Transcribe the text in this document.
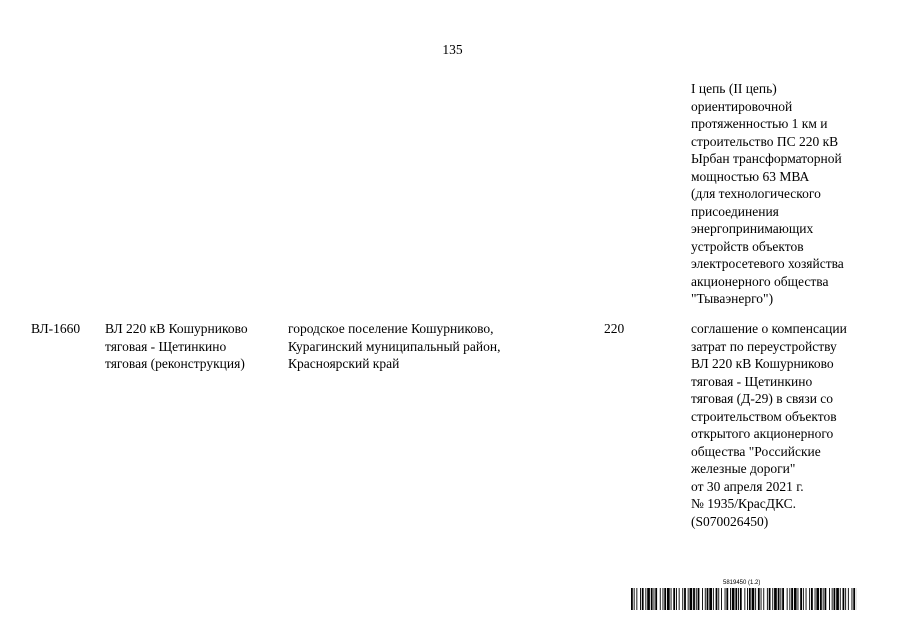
135
I цепь (II цепь)
ориентировочной
протяженностью 1 км и
строительство ПС 220 кВ
Ырбан трансформаторной
мощностью 63 МВА
(для технологического
присоединения
энергопринимающих
устройств объектов
электросетевого хозяйства
акционерного общества
"Тываэнерго")
ВЛ-1660	ВЛ 220 кВ Кошурниково
тяговая - Щетинкино
тяговая (реконструкция)
городское поселение Кошурниково,
Курагинский муниципальный район,
Красноярский край
220	соглашение о компенсации
затрат по переустройству
ВЛ 220 кВ Кошурниково
тяговая - Щетинкино
тяговая (Д-29) в связи со
строительством объектов
открытого акционерного
общества "Российские
железные дороги"
от 30 апреля 2021 г.
№ 1935/КрасДКС.
(S070026450)
5819450 (1.2)
